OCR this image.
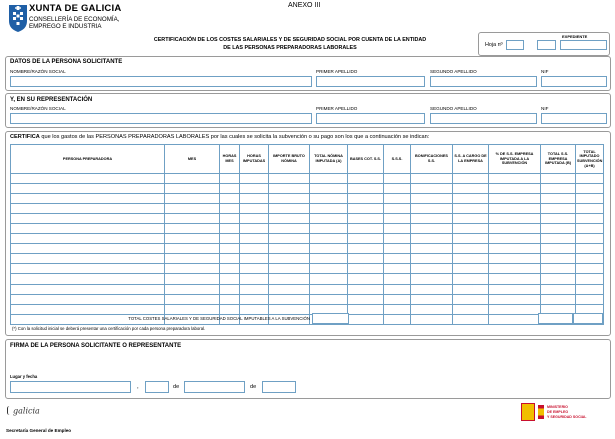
XUNTA DE GALICIA
CONSELLERÍA DE ECONOMÍA,
EMPREGO E INDUSTRIA
ANEXO III
CERTIFICACIÓN DE LOS COSTES SALARIALES Y DE SEGURIDAD SOCIAL POR CUENTA DE LA ENTIDAD
DE LAS PERSONAS PREPARADORAS LABORALES
EXPEDIENTE
Hoja nº
DATOS DE LA PERSONA SOLICITANTE
NOMBRE/RAZÓN SOCIAL	PRIMER APELLIDO	SEGUNDO APELLIDO	NIF
Y, EN SU REPRESENTACIÓN
NOMBRE/RAZÓN SOCIAL	PRIMER APELLIDO	SEGUNDO APELLIDO	NIF
CERTIFICA que los gastos de las PERSONAS PREPARADORAS LABORALES por las cuales se solicita la subvención o su pago son los que a continuación se indican:
PERSONA PREPARADORA	MES	HORAS MES	HORAS IMPUTADAS	IMPORTE BRUTO NÓMINA	TOTAL NÓMINA IMPUTADA (A)	BASES COT. S.S.	S.S.S.	BONIFICACIONES S.S.	S.S. A CARGO DE LA EMPRESA	% DE S.S. EMPRESA IMPUTADA A LA SUBVENCIÓN	TOTAL S.S. EMPRESA IMPUTADA (B)	TOTAL IMPUTADO SUBVENCIÓN (A+B)

TOTAL COSTES SALARIALES Y DE SEGURIDAD SOCIAL IMPUTABLES A LA SUBVENCIÓN
(*) Con la solicitud inicial se deberá presentar una certificación por cada persona preparadora laboral.
FIRMA DE LA PERSONA SOLICITANTE O REPRESENTANTE
Lugar y fecha
,	de	de
galicia
Secretaría General de Empleo
MINISTERIO
DE EMPLEO
Y SEGURIDAD SOCIAL
